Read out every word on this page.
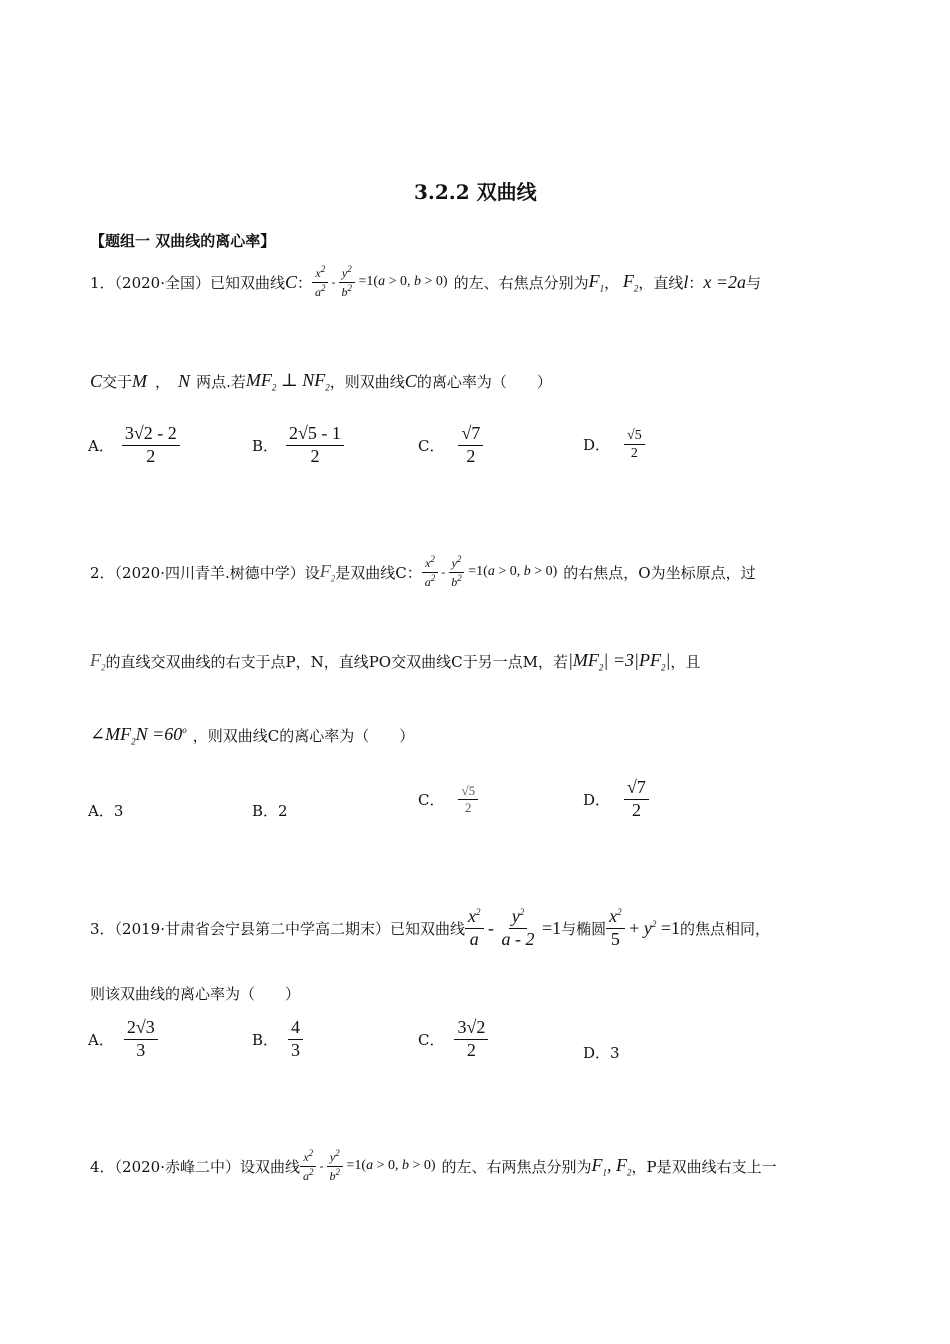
3.2.2 双曲线
【题组一 双曲线的离心率】
1．（2020·全国）已知双曲线 C ： $\frac{x^2}{a^2} - \frac{y^2}{b^2} =1(a > 0$, b > 0) 的左、右焦点分别为 $F_1$ ， $F_2$ ，直线 l ： x =2a 与
C 交于 M ， N 两点.若 $MF_2$ ⊥ $NF_2$ ，则双曲线 C 的离心率为（　　）
A． $\frac{3√2 - 2}{2}$	B． $\frac{2√5 - 1}{2}$	C． $\frac{√7}{2}$	D． $\frac{√5}{2}$
2．（2020·四川青羊.树德中学）设 $F_2$ 是双曲线C： $\frac{x^2}{a^2} - \frac{y^2}{b^2} =1(a > 0$, b > 0) 的右焦点，O为坐标原点，过
$F_2$ 的直线交双曲线的右支于点P，N，直线PO交双曲线C于另一点M，若 $|MF_2| =3|PF_2|$ ，且
$\angle MF_2N =60^o$ ，则双曲线C的离心率为（　　）
A．3	B．2
C． $\frac{√5}{2}$	D． $\frac{√7}{2}$
3．（2019·甘肃省会宁县第二中学高二期末）已知双曲线 $\frac{x^2}{a} - \frac{y^2}{a - 2} =1$ 与椭圆 $\frac{x^2}{5} + y^2 =1$ 的焦点相同，
则该双曲线的离心率为（　　）
A． $\frac{2√3}{3}$	B． $\frac{4}{3}$	C． $\frac{3√2}{2}$	D．3
4．（2020·赤峰二中）设双曲线 $\frac{x^2}{a^2} - \frac{y^2}{b^2} =1(a > 0$, b > 0) 的左、右两焦点分别为 $F_1$, $F_2$ ，P是双曲线右支上一
